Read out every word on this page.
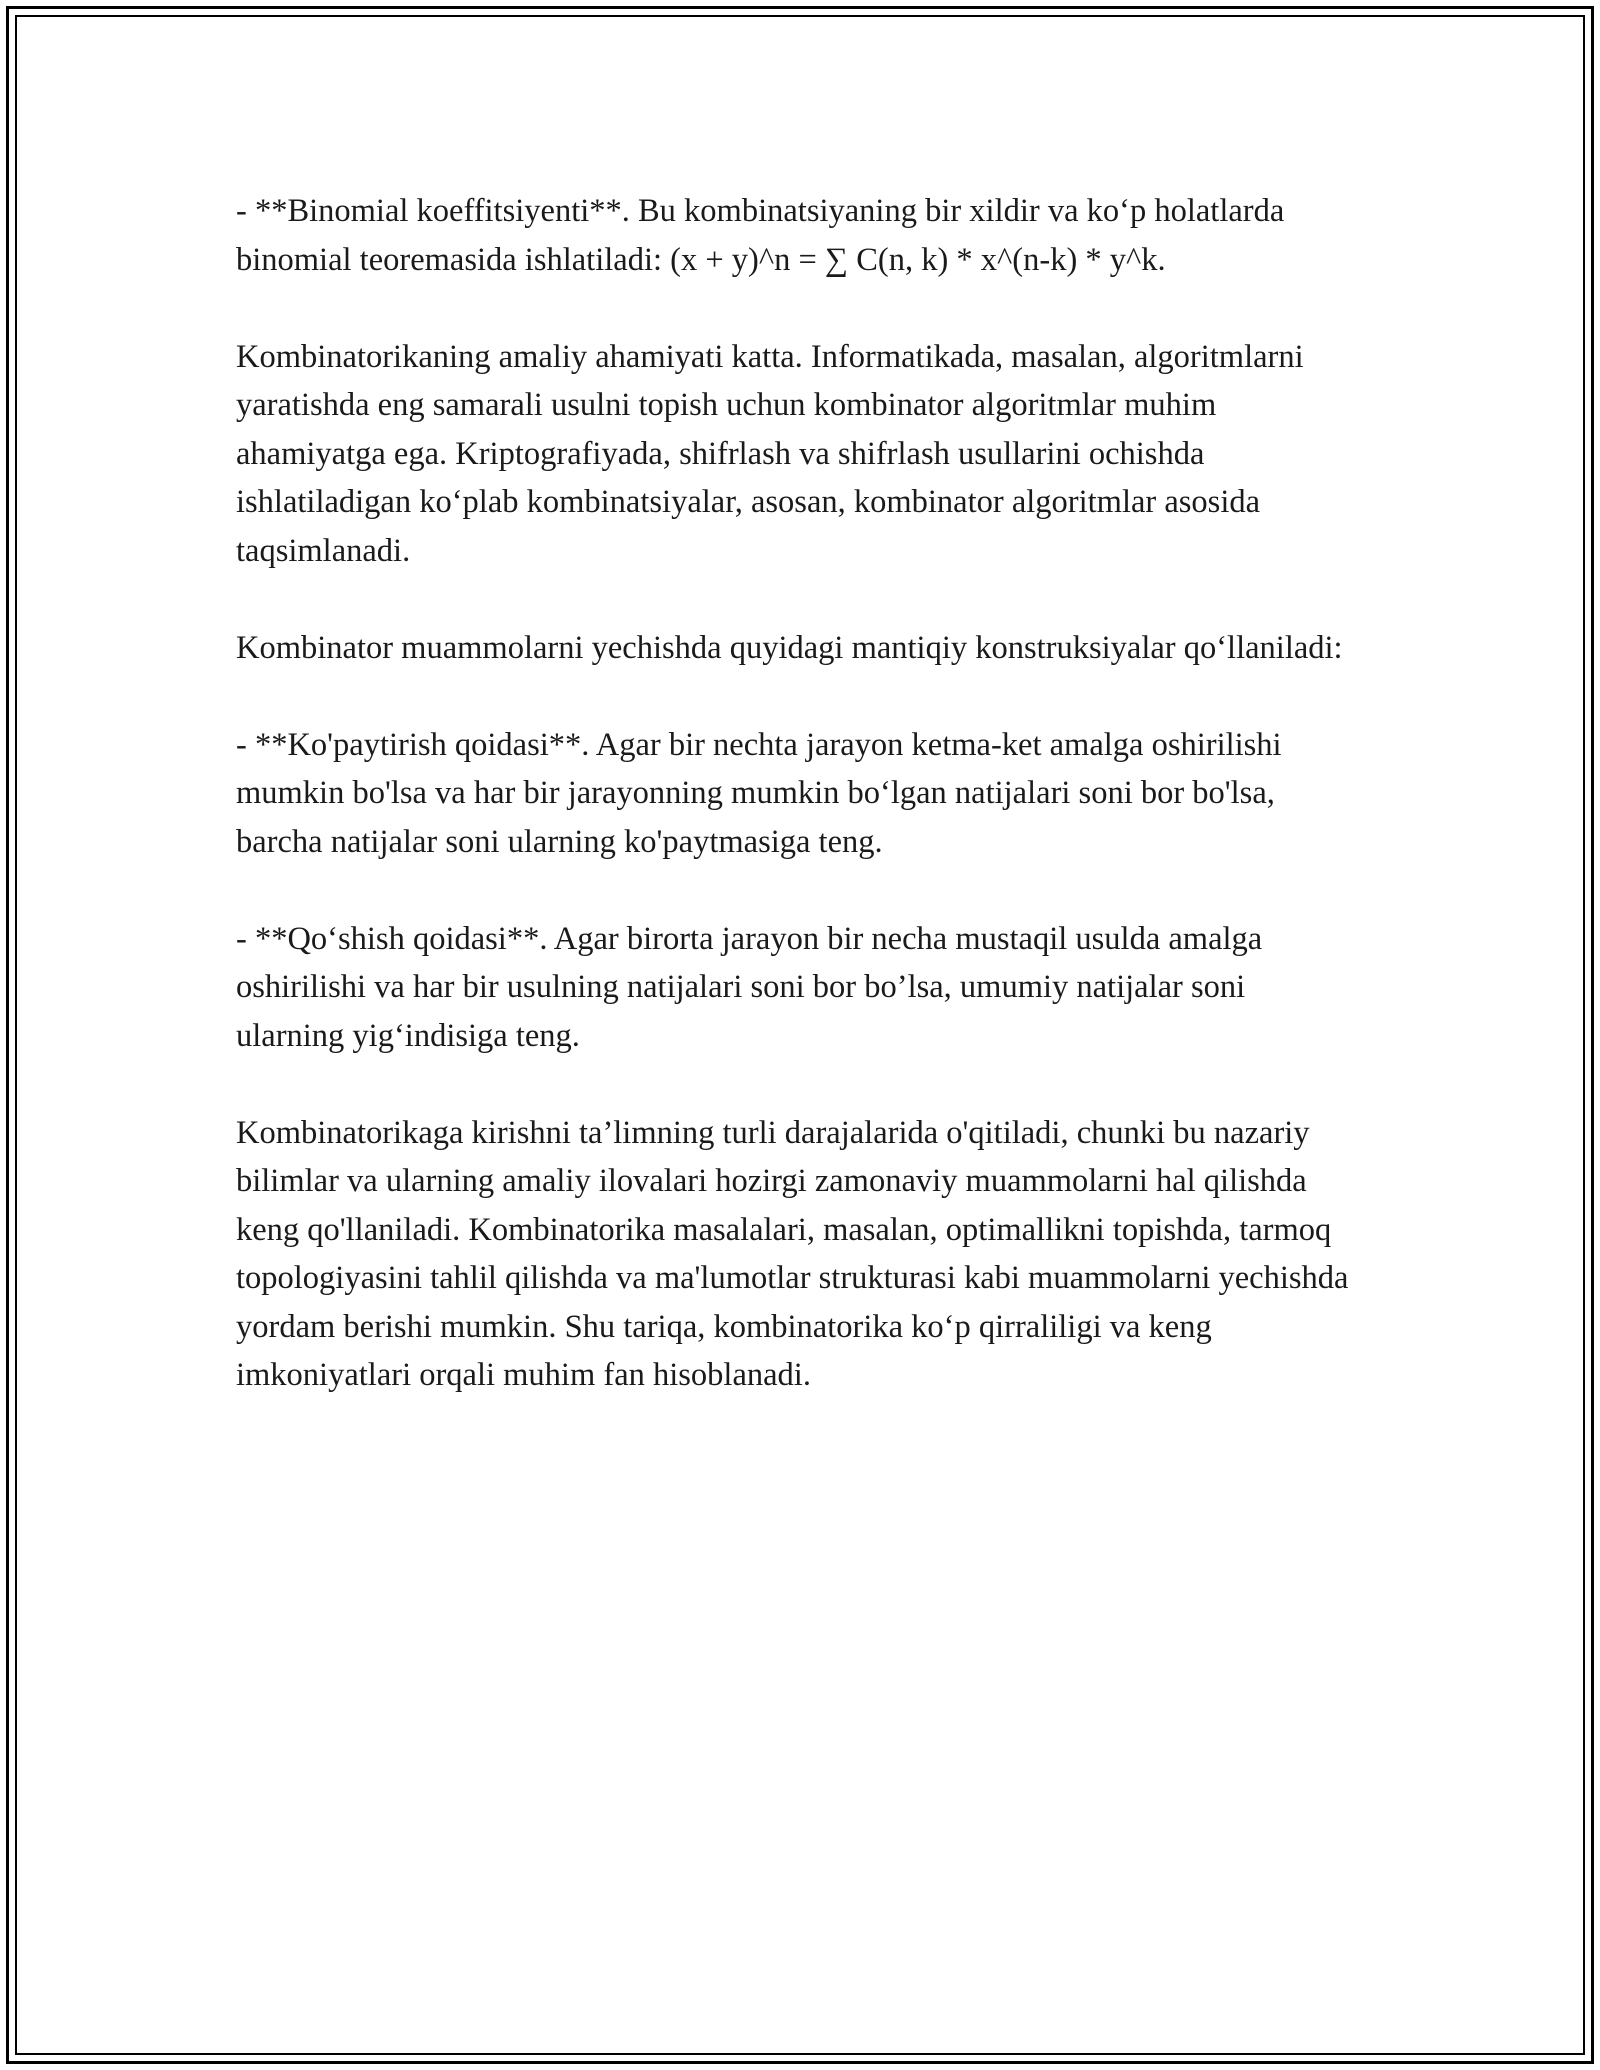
- **Binomial koeffitsiyenti**. Bu kombinatsiyaning bir xildir va ko‘p holatlarda binomial teoremasida ishlatiladi: (x + y)^n = ∑ C(n, k) * x^(n-k) * y^k.

Kombinatorikaning amaliy ahamiyati katta. Informatikada, masalan, algoritmlarni yaratishda eng samarali usulni topish uchun kombinator algoritmlar muhim ahamiyatga ega. Kriptografiyada, shifrlash va shifrlash usullarini ochishda ishlatiladigan ko‘plab kombinatsiyalar, asosan, kombinator algoritmlar asosida taqsimlanadi.

Kombinator muammolarni yechishda quyidagi mantiqiy konstruksiyalar qo‘llaniladi:

- **Ko'paytirish qoidasi**. Agar bir nechta jarayon ketma-ket amalga oshirilishi mumkin bo'lsa va har bir jarayonning mumkin bo‘lgan natijalari soni bor bo'lsa, barcha natijalar soni ularning ko'paytmasiga teng.

- **Qo‘shish qoidasi**. Agar birorta jarayon bir necha mustaqil usulda amalga oshirilishi va har bir usulning natijalari soni bor bo’lsa, umumiy natijalar soni ularning yig‘indisiga teng.

Kombinatorikaga kirishni ta’limning turli darajalarida o'qitiladi, chunki bu nazariy bilimlar va ularning amaliy ilovalari hozirgi zamonaviy muammolarni hal qilishda keng qo'llaniladi. Kombinatorika masalalari, masalan, optimallikni topishda, tarmoq topologiyasini tahlil qilishda va ma'lumotlar strukturasi kabi muammolarni yechishda yordam berishi mumkin. Shu tariqa, kombinatorika ko‘p qirraliligi va keng imkoniyatlari orqali muhim fan hisoblanadi.
